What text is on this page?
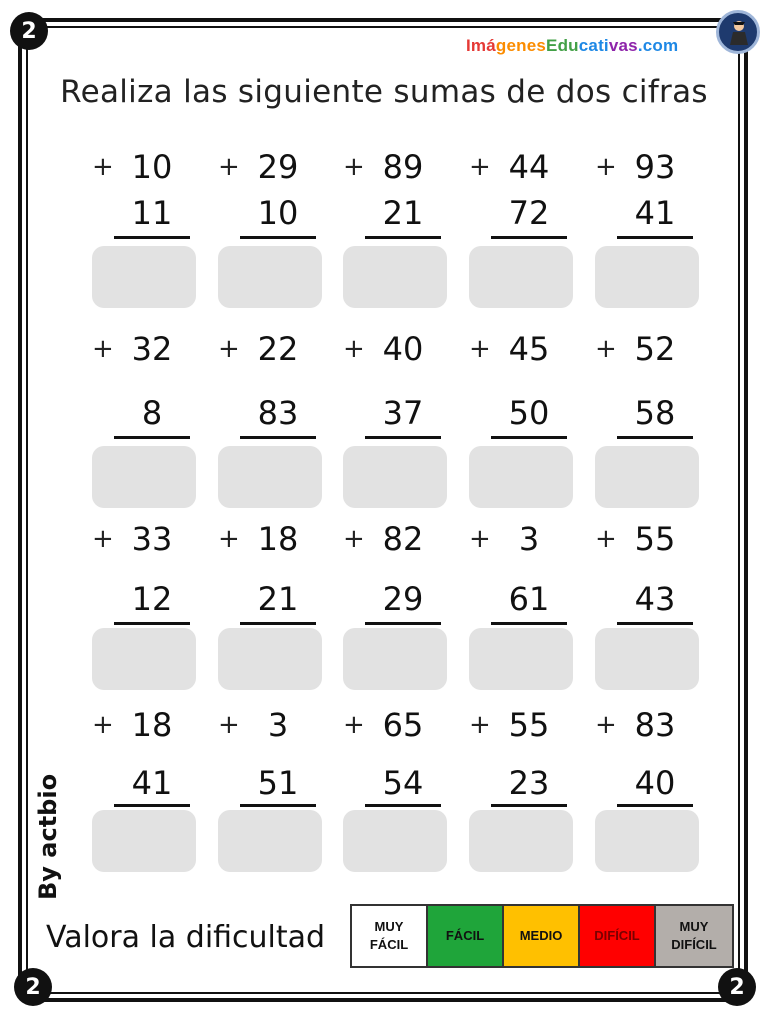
2
2	2
ImágenesEducativas.com
Realiza las siguiente sumas de dos cifras
+ 10
11
+ 29
10
+ 89
21
+ 44
72
+ 93
41
+ 32
8
+ 22
83
+ 40
37
+ 45
50
+ 52
58
+ 33
12
+ 18
21
+ 82
29
+ 3
61
+ 55
43
+ 18
41
+ 3
51
+ 65
54
+ 55
23
+ 83
40
By actbio
Valora la dificultad	MUY
FÁCIL
FÁCIL	MEDIO	DIFÍCIL
MUY
DIFÍCIL
